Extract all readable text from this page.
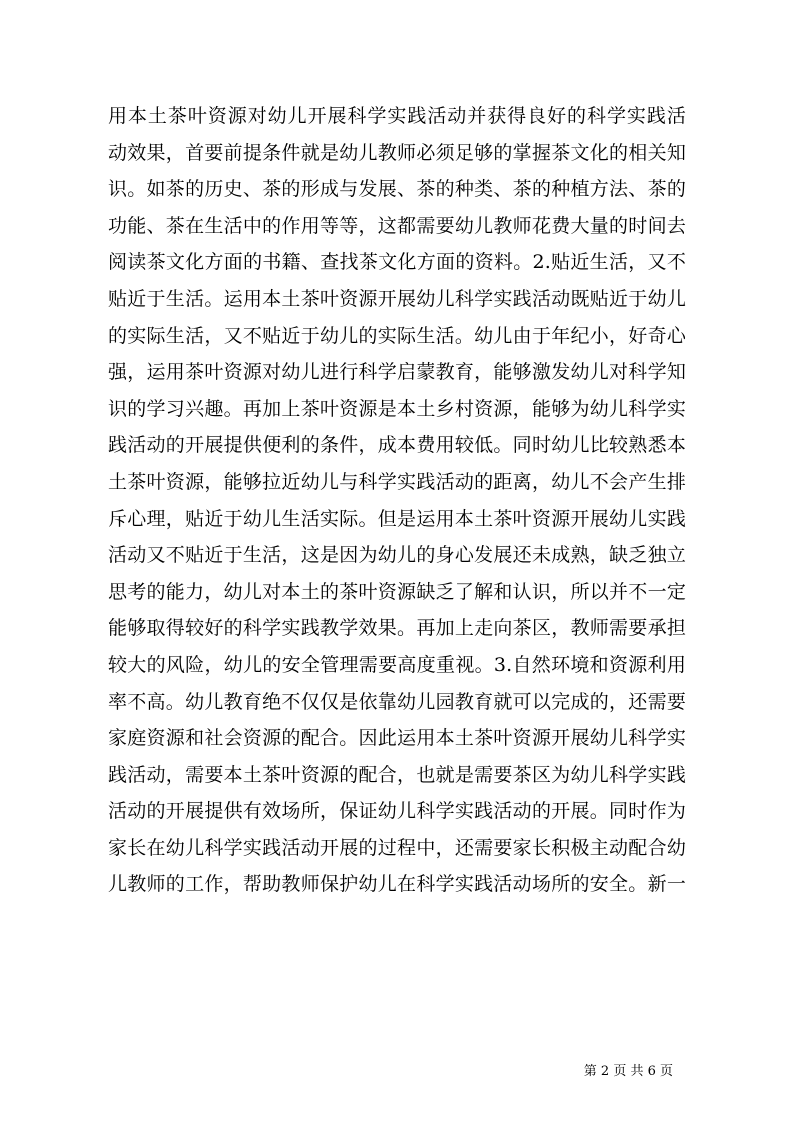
用本土茶叶资源对幼儿开展科学实践活动并获得良好的科学实践活
动效果，首要前提条件就是幼儿教师必须足够的掌握茶文化的相关知
识。如茶的历史、茶的形成与发展、茶的种类、茶的种植方法、茶的
功能、茶在生活中的作用等等，这都需要幼儿教师花费大量的时间去
阅读茶文化方面的书籍、查找茶文化方面的资料。2.贴近生活，又不
贴近于生活。运用本土茶叶资源开展幼儿科学实践活动既贴近于幼儿
的实际生活，又不贴近于幼儿的实际生活。幼儿由于年纪小，好奇心
强，运用茶叶资源对幼儿进行科学启蒙教育，能够激发幼儿对科学知
识的学习兴趣。再加上茶叶资源是本土乡村资源，能够为幼儿科学实
践活动的开展提供便利的条件，成本费用较低。同时幼儿比较熟悉本
土茶叶资源，能够拉近幼儿与科学实践活动的距离，幼儿不会产生排
斥心理，贴近于幼儿生活实际。但是运用本土茶叶资源开展幼儿实践
活动又不贴近于生活，这是因为幼儿的身心发展还未成熟，缺乏独立
思考的能力，幼儿对本土的茶叶资源缺乏了解和认识，所以并不一定
能够取得较好的科学实践教学效果。再加上走向茶区，教师需要承担
较大的风险，幼儿的安全管理需要高度重视。3.自然环境和资源利用
率不高。幼儿教育绝不仅仅是依靠幼儿园教育就可以完成的，还需要
家庭资源和社会资源的配合。因此运用本土茶叶资源开展幼儿科学实
践活动，需要本土茶叶资源的配合，也就是需要茶区为幼儿科学实践
活动的开展提供有效场所，保证幼儿科学实践活动的开展。同时作为
家长在幼儿科学实践活动开展的过程中，还需要家长积极主动配合幼
儿教师的工作，帮助教师保护幼儿在科学实践活动场所的安全。新一
第 2 页 共 6 页
